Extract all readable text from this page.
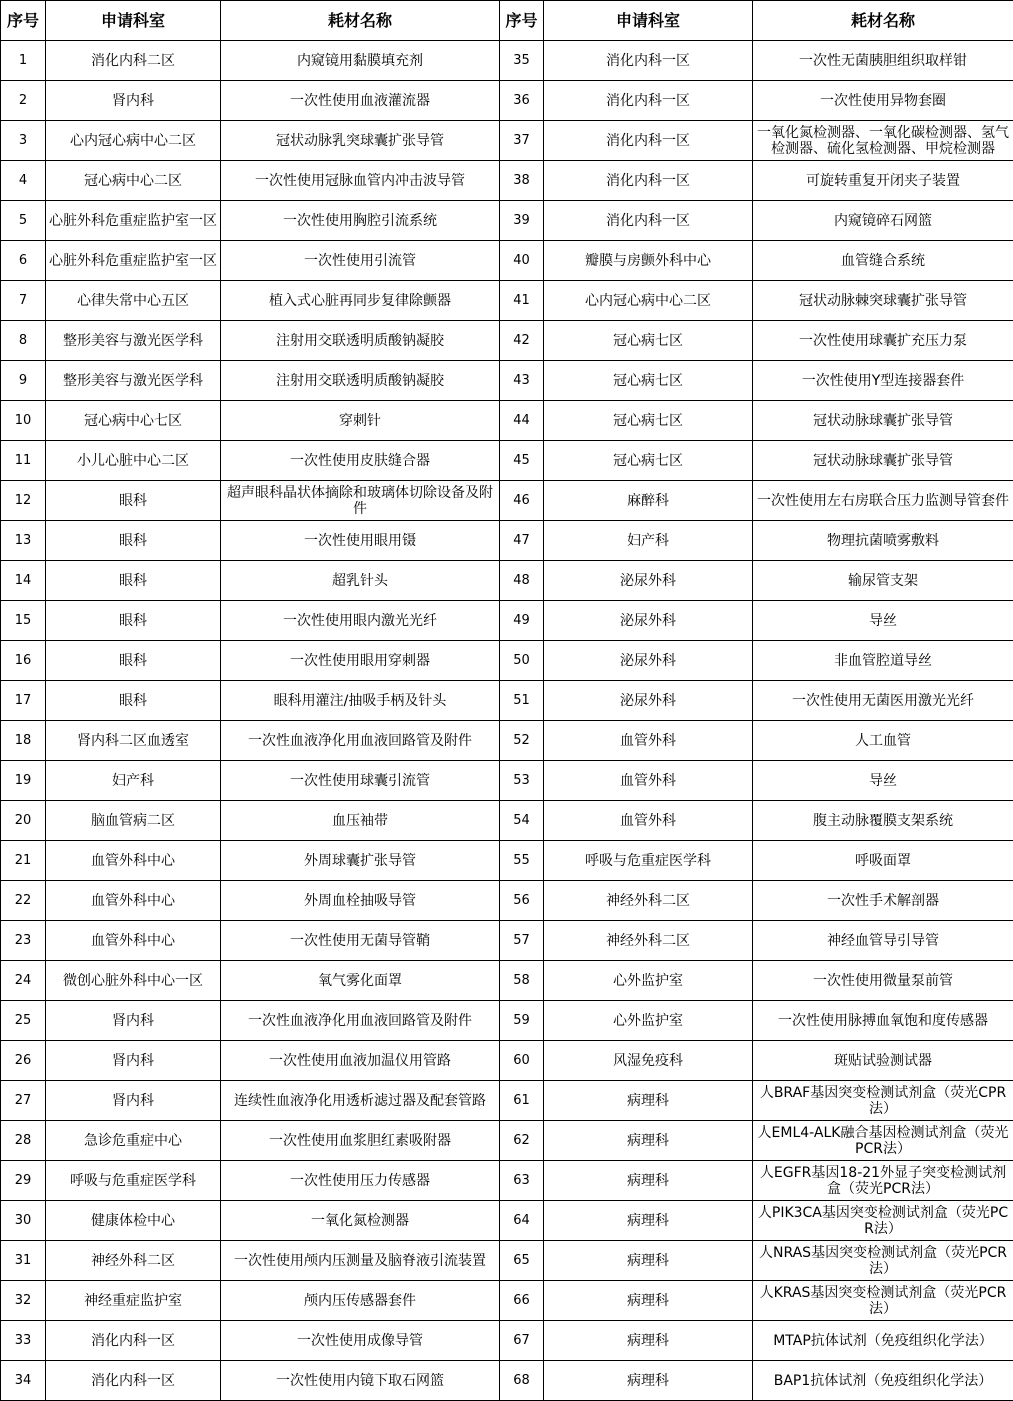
序号	申请科室	耗材名称	序号	申请科室	耗材名称
1	消化内科二区	内窥镜用黏膜填充剂	35	消化内科一区	一次性无菌胰胆组织取样钳
2	肾内科	一次性使用血液灌流器	36	消化内科一区	一次性使用异物套圈
3	心内冠心病中心二区	冠状动脉乳突球囊扩张导管	37	消化内科一区	一氧化氮检测器、一氧化碳检测器、氢气检测器、硫化氢检测器、甲烷检测器
4	冠心病中心二区	一次性使用冠脉血管内冲击波导管	38	消化内科一区	可旋转重复开闭夹子装置
5	心脏外科危重症监护室一区	一次性使用胸腔引流系统	39	消化内科一区	内窥镜碎石网篮
6	心脏外科危重症监护室一区	一次性使用引流管	40	瓣膜与房颤外科中心	血管缝合系统
7	心律失常中心五区	植入式心脏再同步复律除颤器	41	心内冠心病中心二区	冠状动脉棘突球囊扩张导管
8	整形美容与激光医学科	注射用交联透明质酸钠凝胶	42	冠心病七区	一次性使用球囊扩充压力泵
9	整形美容与激光医学科	注射用交联透明质酸钠凝胶	43	冠心病七区	一次性使用Y型连接器套件
10	冠心病中心七区	穿刺针	44	冠心病七区	冠状动脉球囊扩张导管
11	小儿心脏中心二区	一次性使用皮肤缝合器	45	冠心病七区	冠状动脉球囊扩张导管
12	眼科	超声眼科晶状体摘除和玻璃体切除设备及附件	46	麻醉科	一次性使用左右房联合压力监测导管套件
13	眼科	一次性使用眼用镊	47	妇产科	物理抗菌喷雾敷料
14	眼科	超乳针头	48	泌尿外科	输尿管支架
15	眼科	一次性使用眼内激光光纤	49	泌尿外科	导丝
16	眼科	一次性使用眼用穿刺器	50	泌尿外科	非血管腔道导丝
17	眼科	眼科用灌注/抽吸手柄及针头	51	泌尿外科	一次性使用无菌医用激光光纤
18	肾内科二区血透室	一次性血液净化用血液回路管及附件	52	血管外科	人工血管
19	妇产科	一次性使用球囊引流管	53	血管外科	导丝
20	脑血管病二区	血压袖带	54	血管外科	腹主动脉覆膜支架系统
21	血管外科中心	外周球囊扩张导管	55	呼吸与危重症医学科	呼吸面罩
22	血管外科中心	外周血栓抽吸导管	56	神经外科二区	一次性手术解剖器
23	血管外科中心	一次性使用无菌导管鞘	57	神经外科二区	神经血管导引导管
24	微创心脏外科中心一区	氧气雾化面罩	58	心外监护室	一次性使用微量泵前管
25	肾内科	一次性血液净化用血液回路管及附件	59	心外监护室	一次性使用脉搏血氧饱和度传感器
26	肾内科	一次性使用血液加温仪用管路	60	风湿免疫科	斑贴试验测试器
27	肾内科	连续性血液净化用透析滤过器及配套管路	61	病理科	人BRAF基因突变检测试剂盒（荧光CPR法）
28	急诊危重症中心	一次性使用血浆胆红素吸附器	62	病理科	人EML4-ALK融合基因检测试剂盒（荧光PCR法）
29	呼吸与危重症医学科	一次性使用压力传感器	63	病理科	人EGFR基因18-21外显子突变检测试剂盒（荧光PCR法）
30	健康体检中心	一氧化氮检测器	64	病理科	人PIK3CA基因突变检测试剂盒（荧光PCR法）
31	神经外科二区	一次性使用颅内压测量及脑脊液引流装置	65	病理科	人NRAS基因突变检测试剂盒（荧光PCR法）
32	神经重症监护室	颅内压传感器套件	66	病理科	人KRAS基因突变检测试剂盒（荧光PCR法）
33	消化内科一区	一次性使用成像导管	67	病理科	MTAP抗体试剂（免疫组织化学法）
34	消化内科一区	一次性使用内镜下取石网篮	68	病理科	BAP1抗体试剂（免疫组织化学法）
